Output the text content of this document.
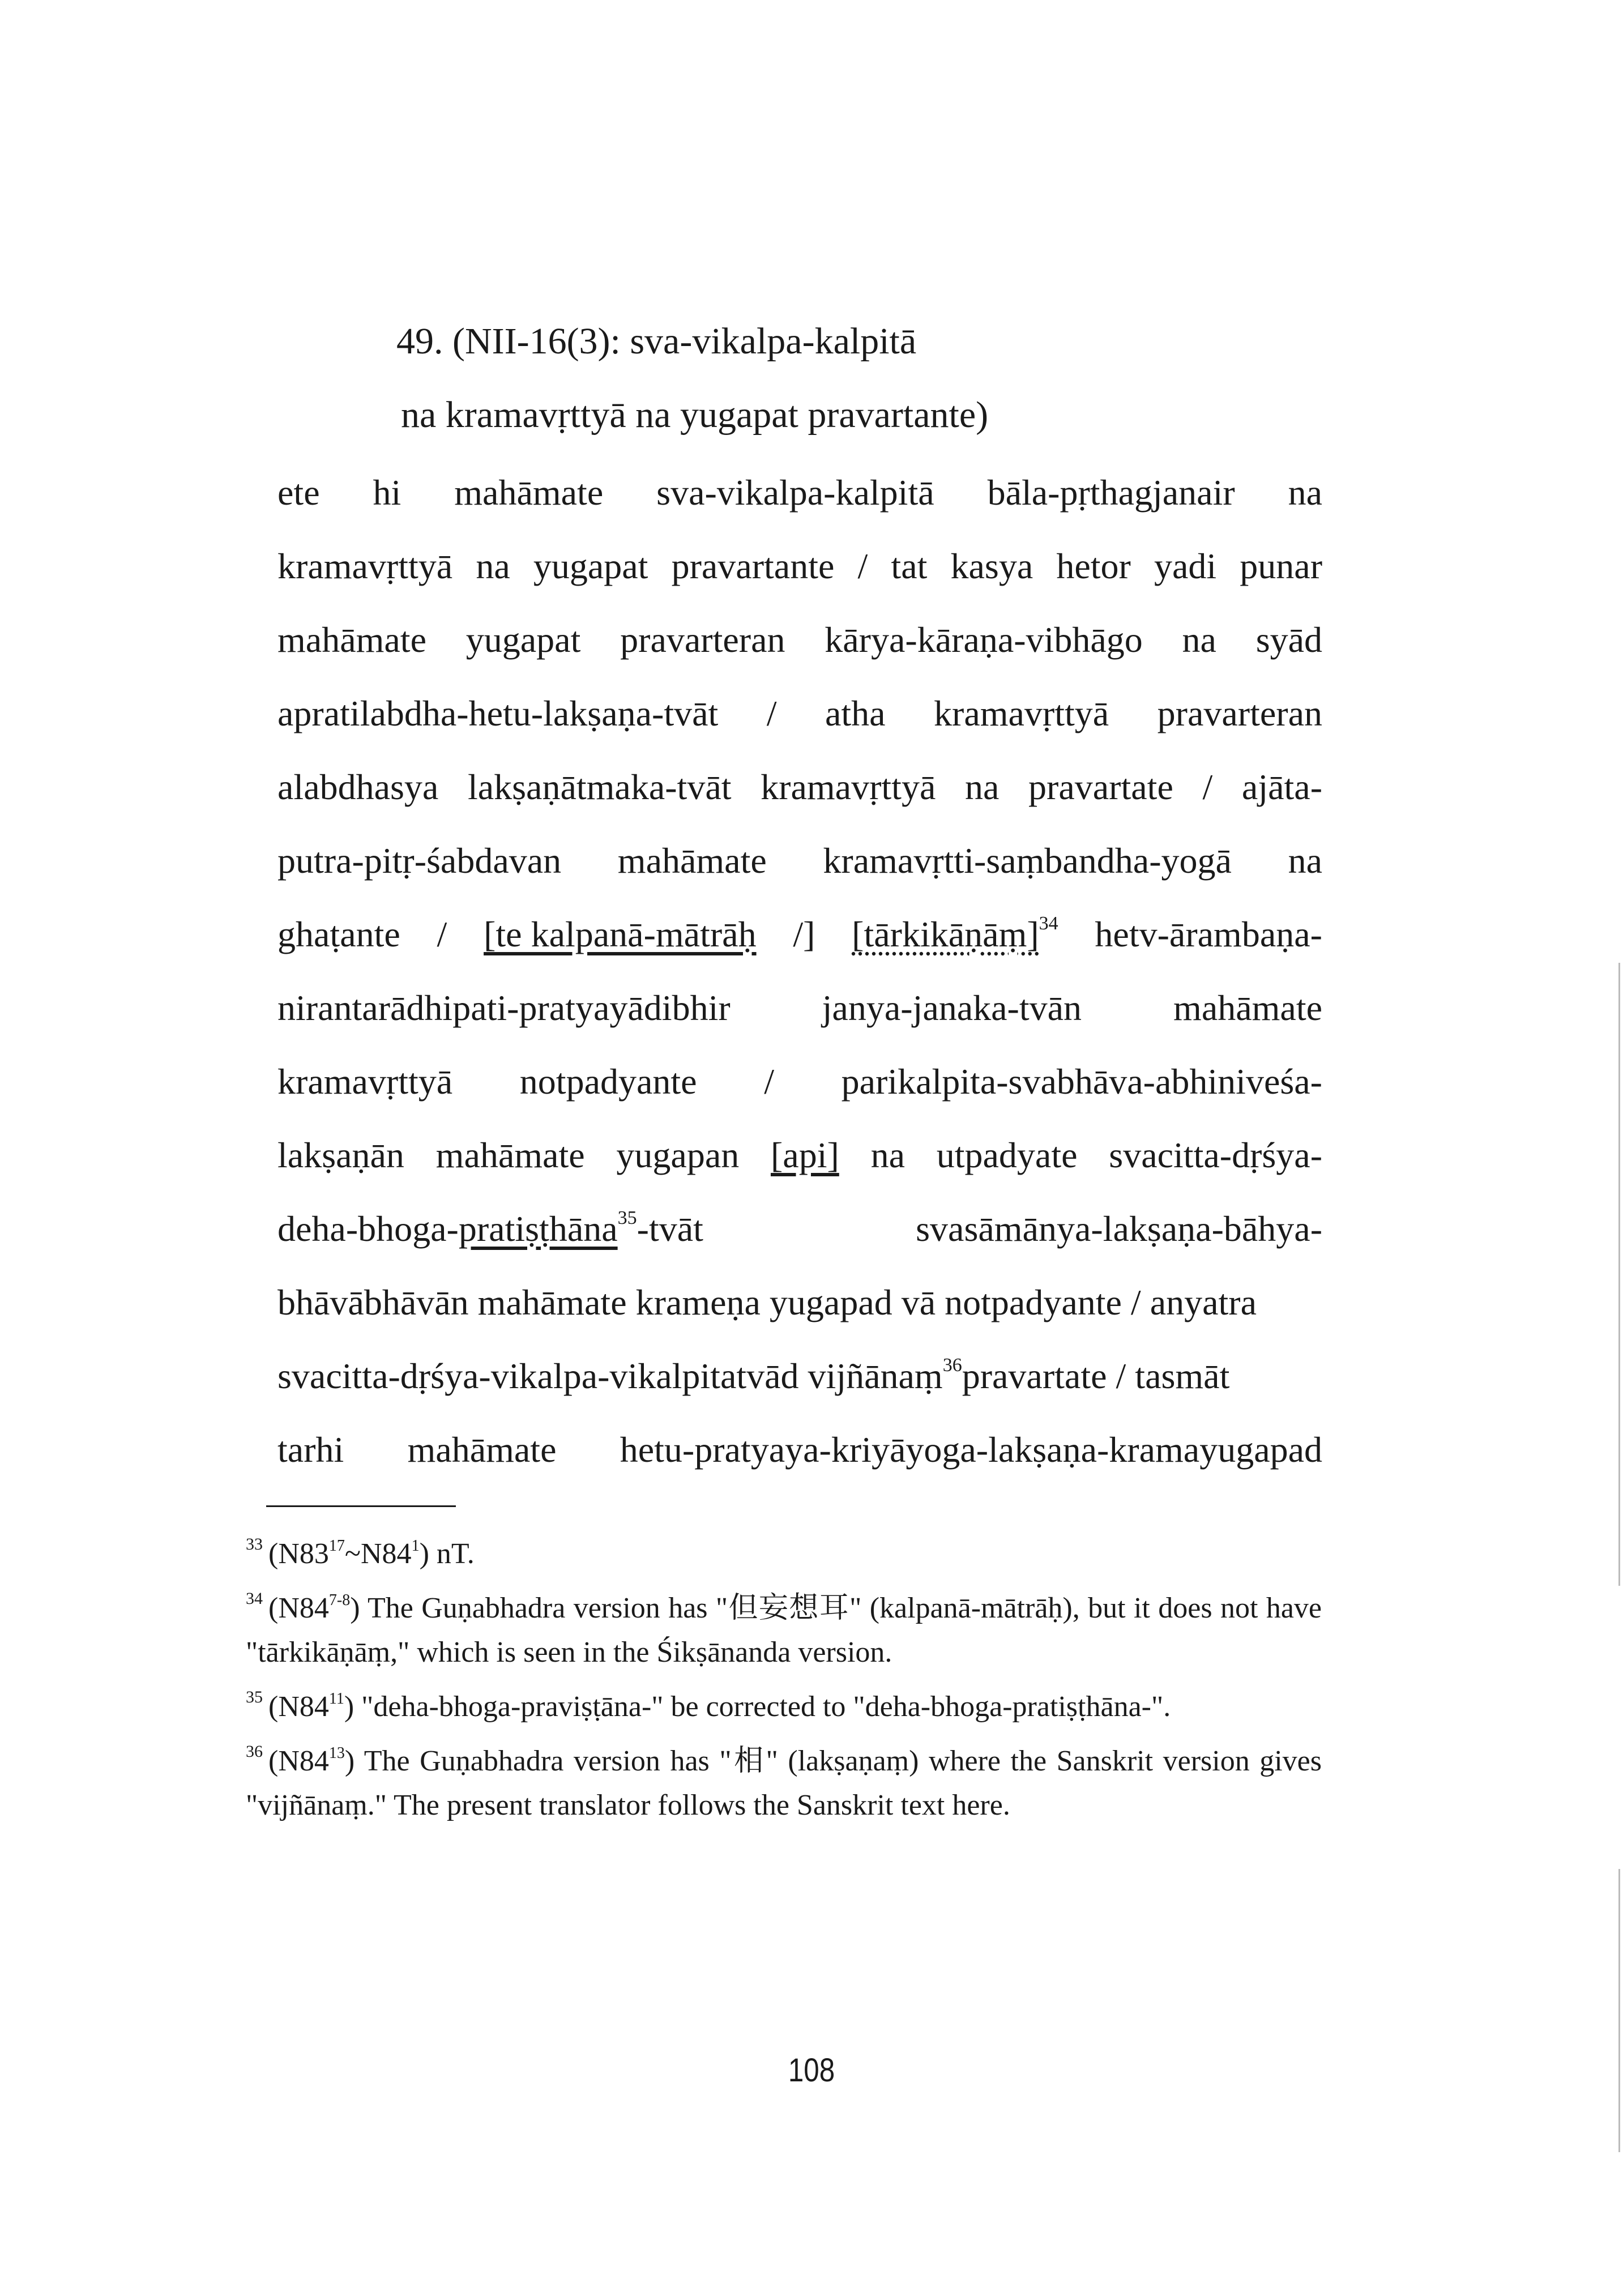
49. (NII-16(3): sva-vikalpa-kalpitā
na kramavṛttyā na yugapat pravartante)
ete hi mahāmate sva-vikalpa-kalpitā bāla-pṛthagjanair na
kramavṛttyā na yugapat pravartante / tat kasya hetor yadi punar
mahāmate yugapat pravarteran kārya-kāraṇa-vibhāgo na syād
apratilabdha-hetu-lakṣaṇa-tvāt / atha kramavṛttyā pravarteran
alabdhasya lakṣaṇātmaka-tvāt kramavṛttyā na pravartate / ajāta-
putra-pitṛ-śabdavan mahāmate kramavṛtti-saṃbandha-yogā na
ghaṭante / [te kalpanā-mātrāḥ /] [tārkikāṇāṃ]$^{34}$ hetv-ārambaṇa-
nirantarādhipati-pratyayādibhir	janya-janaka-tvān	mahāmate
kramavṛttyā notpadyante / parikalpita-svabhāva-abhiniveśa-
lakṣaṇān mahāmate yugapan [api] na utpadyate svacitta-dṛśya-
deha-bhoga-pratiṣṭhāna$^{35}$-tvāt	svasāmānya-lakṣaṇa-bāhya-
bhāvābhāvān mahāmate krameṇa yugapad vā notpadyante / anyatra
svacitta-dṛśya-vikalpa-vikalpitatvād vijñānaṃ$^{36}$pravartate / tasmāt
tarhi mahāmate hetu-pratyaya-kriyāyoga-lakṣaṇa-kramayugapad
$^{33}$ $(N83^{17}\sim N84^1)$ nT.
$^{34}$ (N84$^{7-8}$) The Guṇabhadra version has "但妄想耳" (kalpanā-mātrāḥ), but it does not have "tārkikāṇāṃ," which is seen in the Śikṣānanda version.
$^{35}$ $(N84^{11})$ "deha-bhoga-praviṣṭāna-" be corrected to "deha-bhoga-pratiṣṭhāna-".
$^{36}$ $(N84^{13})$ The Guṇabhadra version has "相" (lakṣaṇaṃ) where the Sanskrit version gives "vijñānaṃ." The present translator follows the Sanskrit text here.
108
